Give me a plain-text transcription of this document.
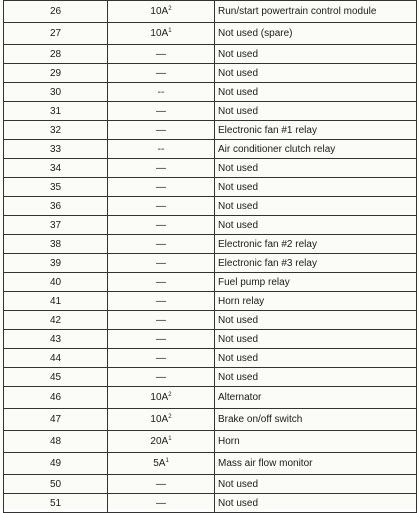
26	$10A^2$	Run/start powertrain control module
27	$10A^1$	Not used (spare)
28	—	Not used
29	—	Not used
30	--	Not used
31	—	Not used
32	—	Electronic fan #1 relay
33	--	Air conditioner clutch relay
34	—	Not used
35	—	Not used
36	—	Not used
37	—	Not used
38	—	Electronic fan #2 relay
39	—	Electronic fan #3 relay
40	—	Fuel pump relay
41	—	Horn relay
42	—	Not used
43	—	Not used
44	—	Not used
45	—	Not used
46	$10A^2$	Alternator
47	$10A^2$	Brake on/off switch
48	$20A^1$	Horn
49	$5A^1$	Mass air flow monitor
50	—	Not used
51	—	Not used
